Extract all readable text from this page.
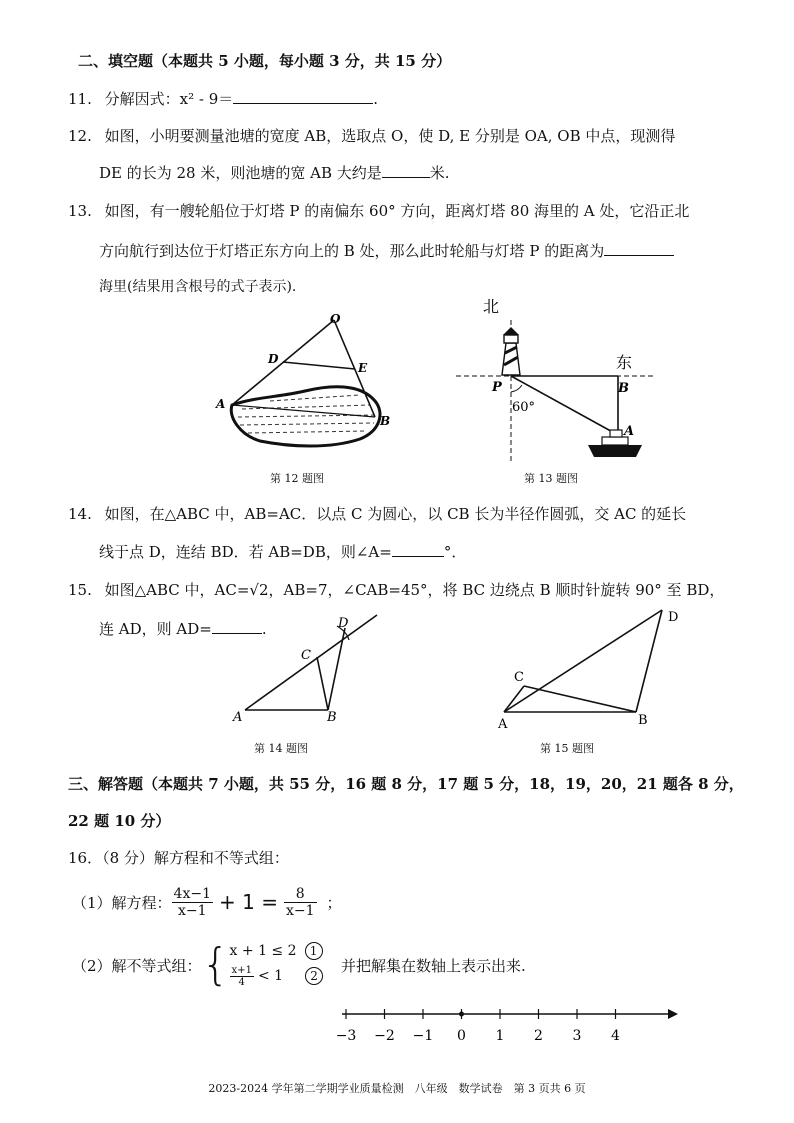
二、填空题（本题共 5 小题，每小题 3 分，共 15 分）
11. 分解因式：x² - 9＝	.
12. 如图，小明要测量池塘的宽度 AB，选取点 O，使 D, E 分别是 OA, OB 中点，现测得
DE 的长为 28 米，则池塘的宽 AB 大约是	米.
13. 如图，有一艘轮船位于灯塔 P 的南偏东 60° 方向，距离灯塔 80 海里的 A 处，它沿正北
方向航行到达位于灯塔正东方向上的 B 处，那么此时轮船与灯塔 P 的距离为
海里(结果用含根号的式子表示).
O
D
E
A
B
第 12 题图
北
东
P	B
A
60°
第 13 题图
14. 如图，在△ABC 中，AB=AC．以点 C 为圆心，以 CB 长为半径作圆弧，交 AC 的延长
线于点 D，连结 BD．若 AB=DB，则∠A=	°．
15. 如图△ABC 中，AC=√2，AB=7，∠CAB=45°，将 BC 边绕点 B 顺时针旋转 90° 至 BD，
连 AD，则 AD=	.
A	B
C
D
第 14 题图
A	B
C
D
第 15 题图
三、解答题（本题共 7 小题，共 55 分，16 题 8 分，17 题 5 分，18，19，20，21 题各 8 分，
22 题 10 分）
16．（8 分）解方程和不等式组：
（1）解方程： $\frac{4x-1}{x-1} + 1 = \frac{8}{x-1}$ ；
（2）解不等式组： { x + 1 ≤ 2 1
$\frac{x+1}{4} < 1$	2
并把解集在数轴上表示出来.
−3 −2 −1 0 1 2 3 4
2023-2024 学年第二学期学业质量检测　八年级　数学试卷　第 3 页共 6 页
